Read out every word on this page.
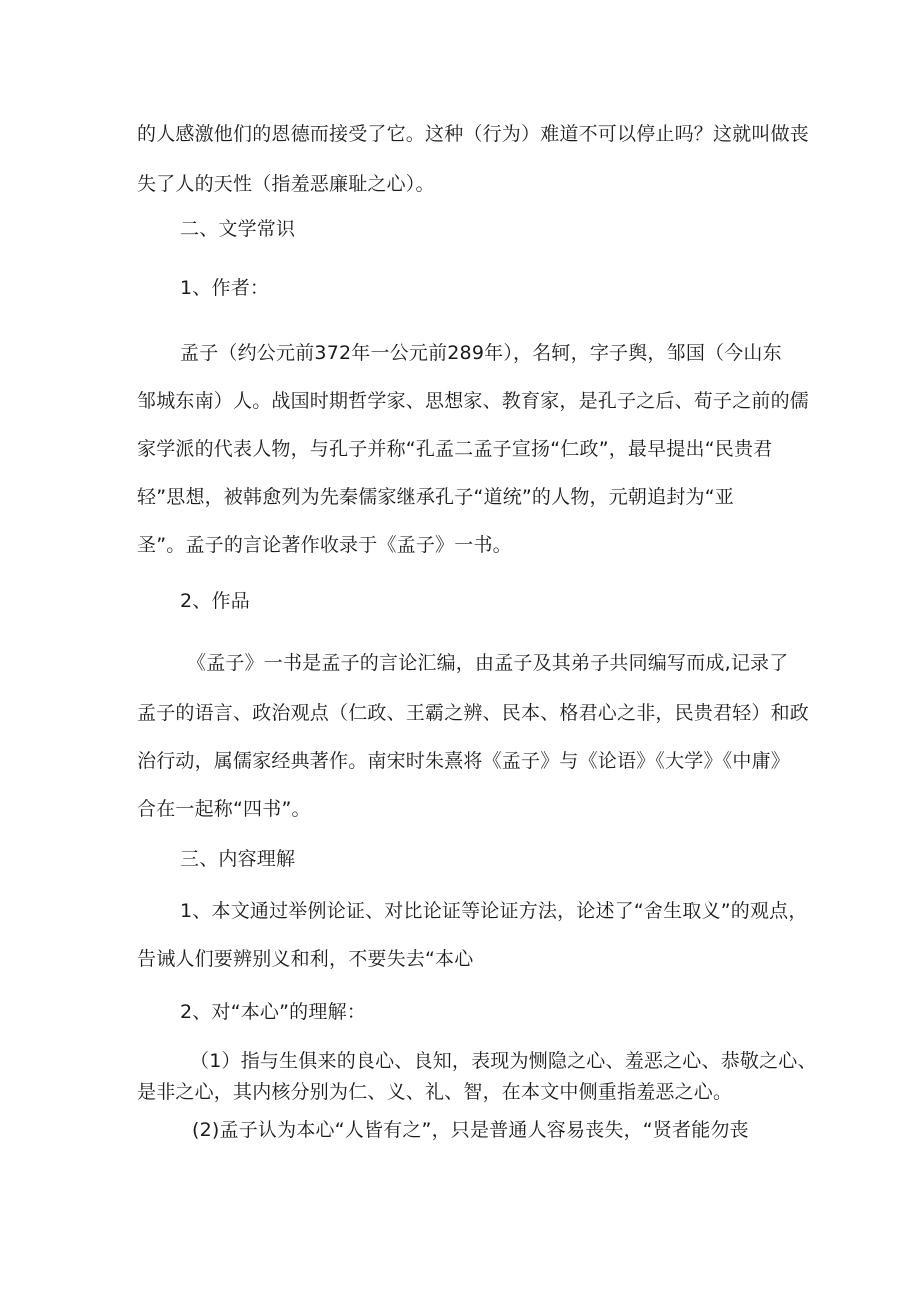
的人感激他们的恩德而接受了它。这种（行为）难道不可以停止吗？这就叫做丧
失了人的天性（指羞恶廉耻之心）。
二、文学常识
1、作者：
孟子（约公元前372年一公元前289年），名轲，字子舆，邹国（今山东
邹城东南）人。战国时期哲学家、思想家、教育家，是孔子之后、荀子之前的儒
家学派的代表人物，与孔子并称“孔孟二孟子宣扬“仁政”，最早提出“民贵君
轻”思想，被韩愈列为先秦儒家继承孔子“道统”的人物，元朝追封为“亚
圣”。孟子的言论著作收录于《孟子》一书。
2、作品
《孟子》一书是孟子的言论汇编，由孟子及其弟子共同编写而成,记录了
孟子的语言、政治观点（仁政、王霸之辨、民本、格君心之非，民贵君轻）和政
治行动，属儒家经典著作。南宋时朱熹将《孟子》与《论语》《大学》《中庸》
合在一起称“四书”。
三、内容理解
1、本文通过举例论证、对比论证等论证方法，论述了“舍生取义”的观点，
告诫人们要辨别义和利，不要失去“本心
2、对“本心”的理解：
（1）指与生俱来的良心、良知，表现为恻隐之心、羞恶之心、恭敬之心、
是非之心，其内核分别为仁、义、礼、智，在本文中侧重指羞恶之心。
(2)孟子认为本心“人皆有之”，只是普通人容易丧失，“贤者能勿丧
